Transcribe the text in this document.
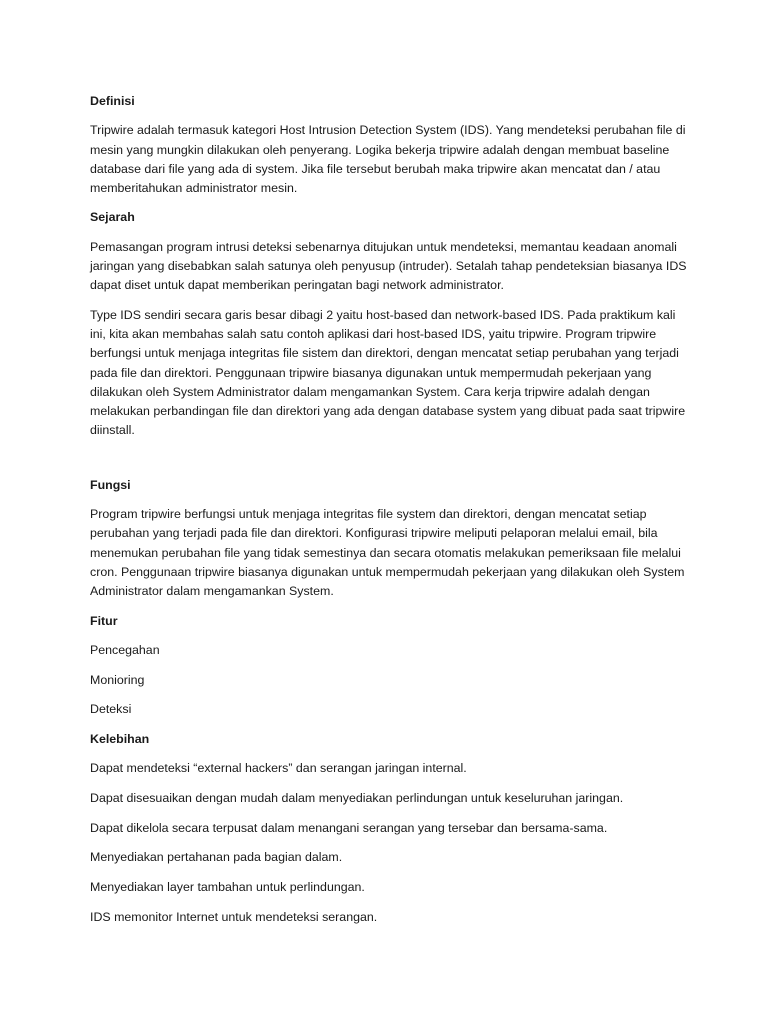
Definisi

Tripwire adalah termasuk kategori Host Intrusion Detection System (IDS). Yang mendeteksi perubahan file di mesin yang mungkin dilakukan oleh penyerang. Logika bekerja tripwire adalah dengan membuat baseline database dari file yang ada di system. Jika file tersebut berubah maka tripwire akan mencatat dan / atau memberitahukan administrator mesin.

Sejarah

Pemasangan program intrusi deteksi sebenarnya ditujukan untuk mendeteksi, memantau keadaan anomali jaringan yang disebabkan salah satunya oleh penyusup (intruder). Setalah tahap pendeteksian biasanya IDS dapat diset untuk dapat memberikan peringatan bagi network administrator.

Type IDS sendiri secara garis besar dibagi 2 yaitu host-based dan network-based IDS. Pada praktikum kali ini, kita akan membahas salah satu contoh aplikasi dari host-based IDS, yaitu tripwire. Program tripwire berfungsi untuk menjaga integritas file sistem dan direktori, dengan mencatat setiap perubahan yang terjadi pada file dan direktori. Penggunaan tripwire biasanya digunakan untuk mempermudah pekerjaan yang dilakukan oleh System Administrator dalam mengamankan System. Cara kerja tripwire adalah dengan melakukan perbandingan file dan direktori yang ada dengan database system yang dibuat pada saat tripwire diinstall.

Fungsi

Program tripwire berfungsi untuk menjaga integritas file system dan direktori, dengan mencatat setiap perubahan yang terjadi pada file dan direktori. Konfigurasi tripwire meliputi pelaporan melalui email, bila menemukan perubahan file yang tidak semestinya dan secara otomatis melakukan pemeriksaan file melalui cron. Penggunaan tripwire biasanya digunakan untuk mempermudah pekerjaan yang dilakukan oleh System Administrator dalam mengamankan System.

Fitur

Pencegahan

Monioring

Deteksi

Kelebihan

Dapat mendeteksi “external hackers” dan serangan jaringan internal.

Dapat disesuaikan dengan mudah dalam menyediakan perlindungan untuk keseluruhan jaringan.

Dapat dikelola secara terpusat dalam menangani serangan yang tersebar dan bersama-sama.

Menyediakan pertahanan pada bagian dalam.

Menyediakan layer tambahan untuk perlindungan.

IDS memonitor Internet untuk mendeteksi serangan.
